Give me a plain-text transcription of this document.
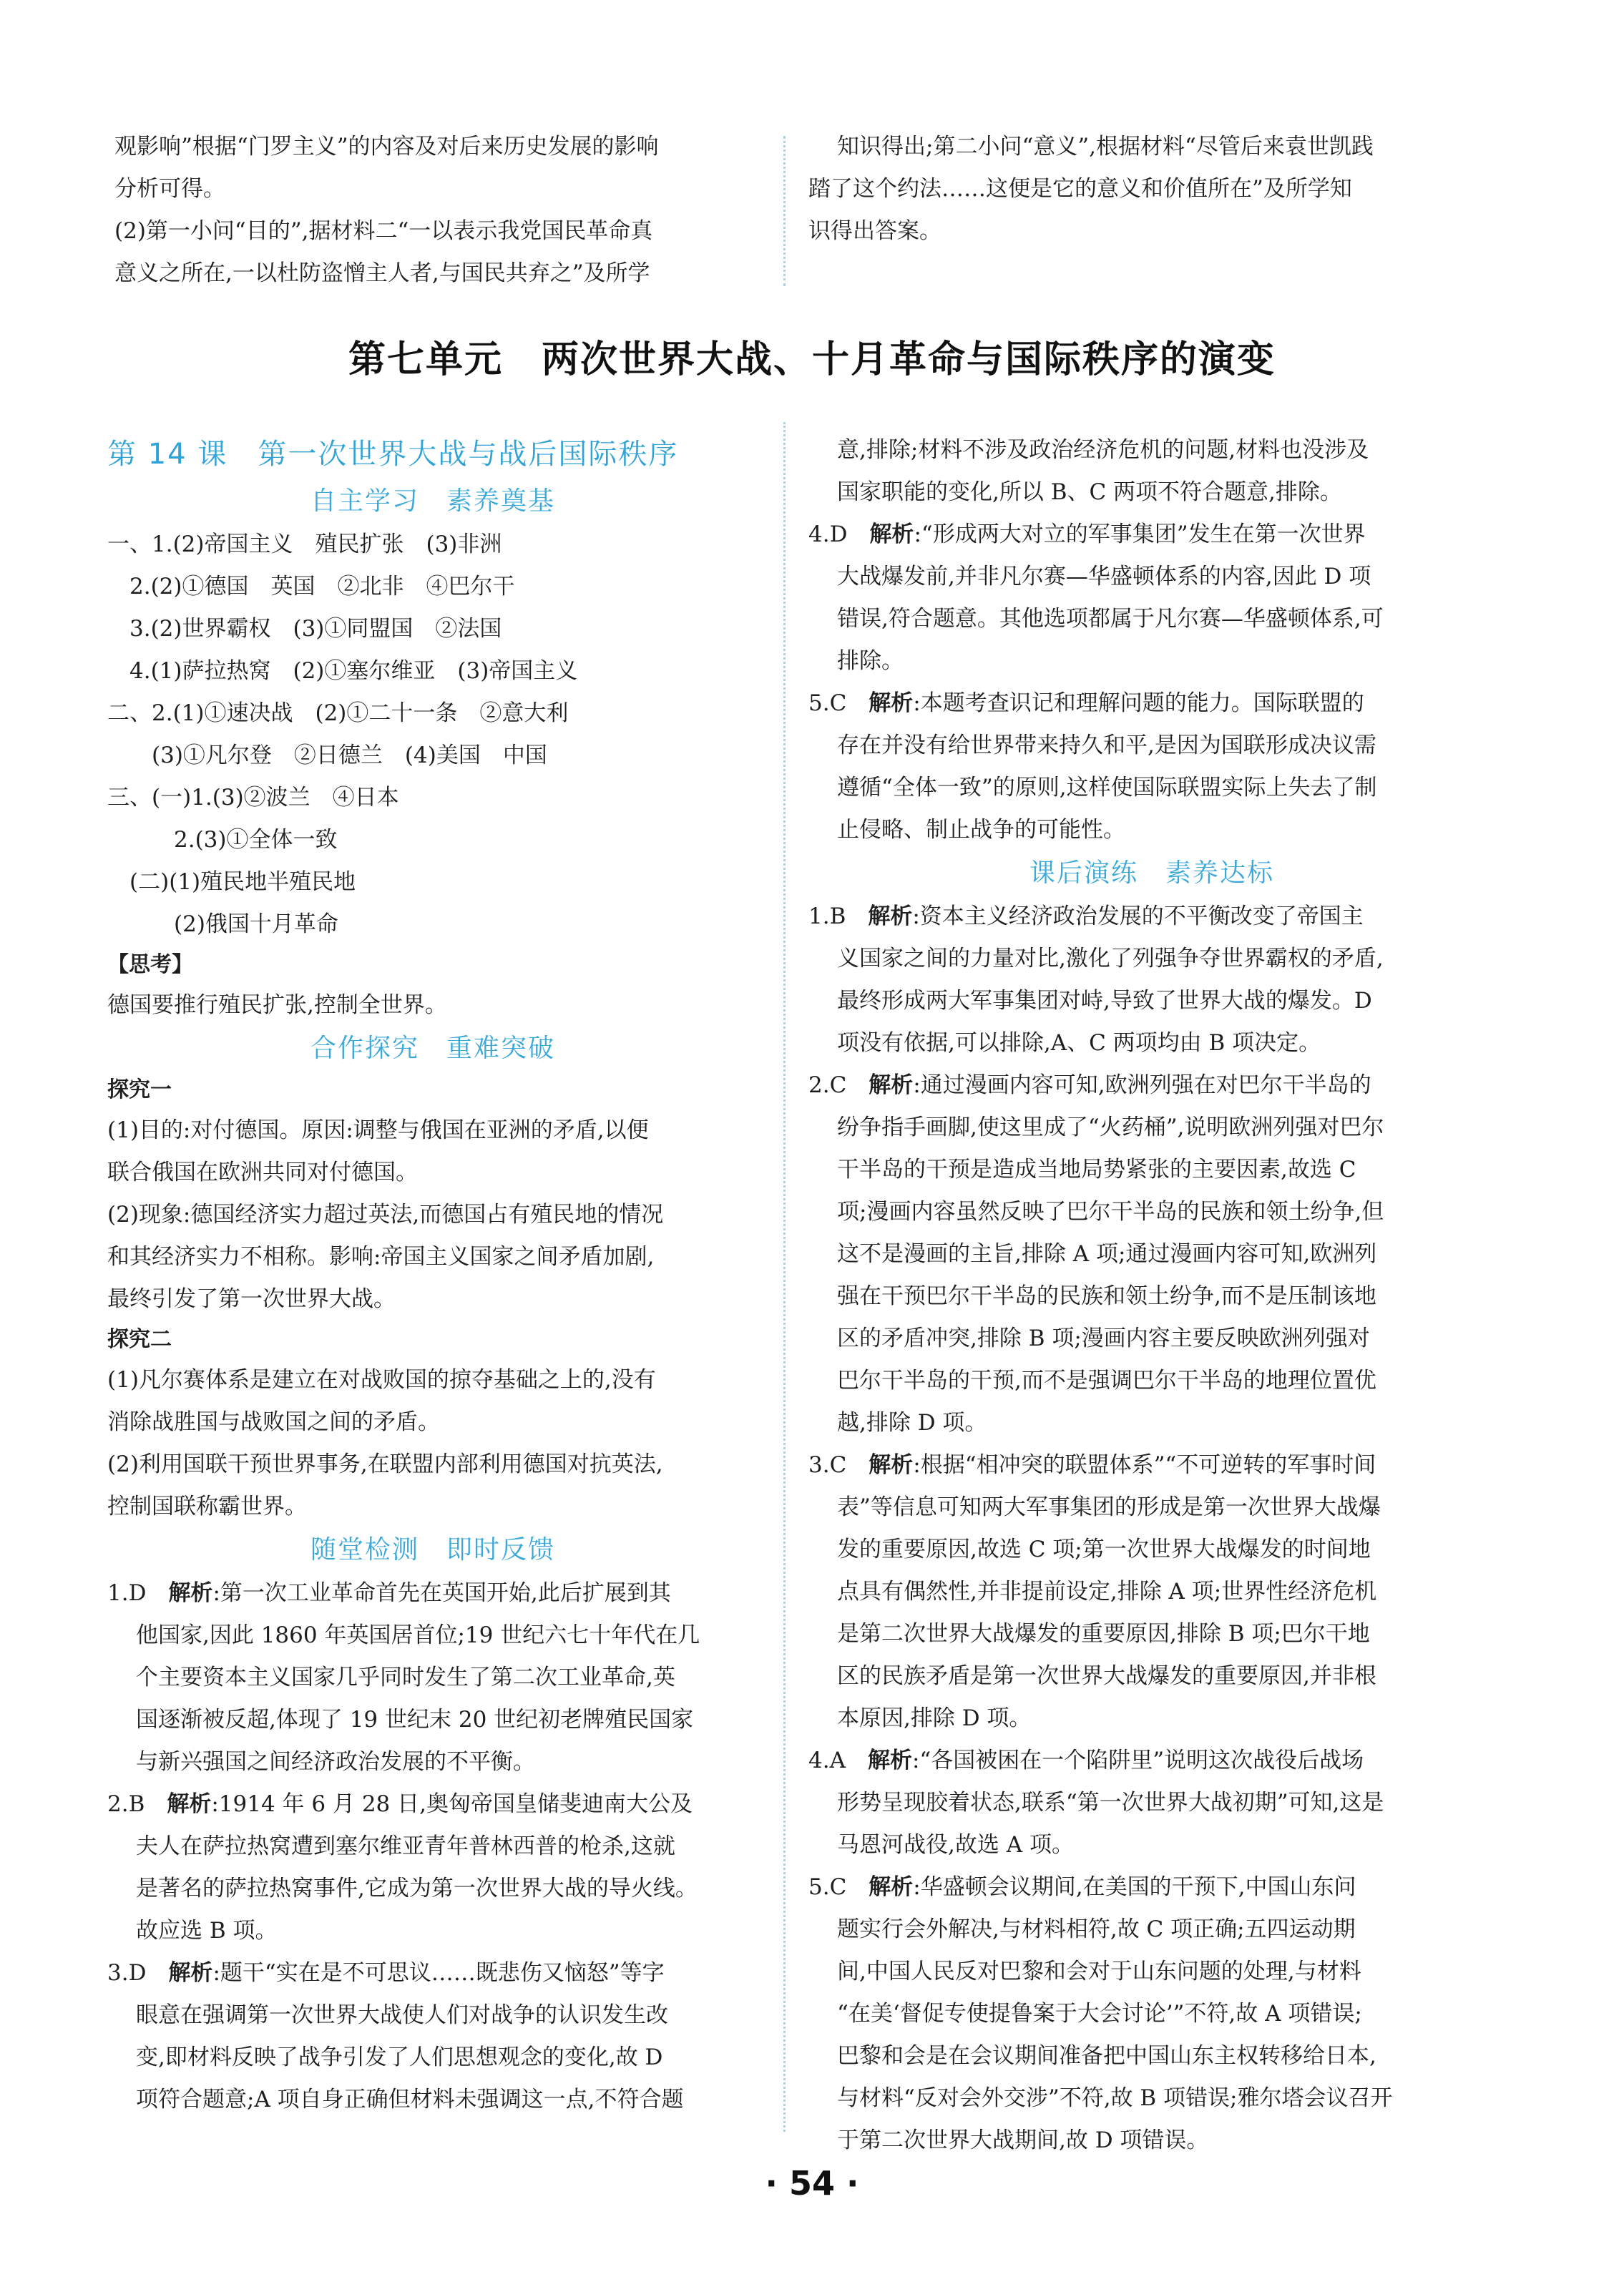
观影响”根据“门罗主义”的内容及对后来历史发展的影响
分析可得。
(2)第一小问“目的”,据材料二“一以表示我党国民革命真
意义之所在,一以杜防盗憎主人者,与国民共弃之”及所学
知识得出;第二小问“意义”,根据材料“尽管后来袁世凯践
踏了这个约法……这便是它的意义和价值所在”及所学知
识得出答案。
第七单元　两次世界大战、十月革命与国际秩序的演变
第 14 课　第一次世界大战与战后国际秩序
自主学习　素养奠基
一、1.(2)帝国主义　殖民扩张　(3)非洲
　2.(2)①德国　英国　②北非　④巴尔干
　3.(2)世界霸权　(3)①同盟国　②法国
　4.(1)萨拉热窝　(2)①塞尔维亚　(3)帝国主义
二、2.(1)①速决战　(2)①二十一条　②意大利
　　(3)①凡尔登　②日德兰　(4)美国　中国
三、(一)1.(3)②波兰　④日本
　　　2.(3)①全体一致
　(二)(1)殖民地半殖民地
　　　(2)俄国十月革命
【思考】
德国要推行殖民扩张,控制全世界。
合作探究　重难突破
探究一
(1)目的:对付德国。原因:调整与俄国在亚洲的矛盾,以便
联合俄国在欧洲共同对付德国。
(2)现象:德国经济实力超过英法,而德国占有殖民地的情况
和其经济实力不相称。影响:帝国主义国家之间矛盾加剧,
最终引发了第一次世界大战。
探究二
(1)凡尔赛体系是建立在对战败国的掠夺基础之上的,没有
消除战胜国与战败国之间的矛盾。
(2)利用国联干预世界事务,在联盟内部利用德国对抗英法,
控制国联称霸世界。
随堂检测　即时反馈
1.D　解析:第一次工业革命首先在英国开始,此后扩展到其
他国家,因此 1860 年英国居首位;19 世纪六七十年代在几
个主要资本主义国家几乎同时发生了第二次工业革命,英
国逐渐被反超,体现了 19 世纪末 20 世纪初老牌殖民国家
与新兴强国之间经济政治发展的不平衡。
2.B　解析:1914 年 6 月 28 日,奥匈帝国皇储斐迪南大公及
夫人在萨拉热窝遭到塞尔维亚青年普林西普的枪杀,这就
是著名的萨拉热窝事件,它成为第一次世界大战的导火线。
故应选 B 项。
3.D　解析:题干“实在是不可思议……既悲伤又恼怒”等字
眼意在强调第一次世界大战使人们对战争的认识发生改
变,即材料反映了战争引发了人们思想观念的变化,故 D
项符合题意;A 项自身正确但材料未强调这一点,不符合题
意,排除;材料不涉及政治经济危机的问题,材料也没涉及
国家职能的变化,所以 B、C 两项不符合题意,排除。
4.D　解析:“形成两大对立的军事集团”发生在第一次世界
大战爆发前,并非凡尔赛—华盛顿体系的内容,因此 D 项
错误,符合题意。其他选项都属于凡尔赛—华盛顿体系,可
排除。
5.C　解析:本题考查识记和理解问题的能力。国际联盟的
存在并没有给世界带来持久和平,是因为国联形成决议需
遵循“全体一致”的原则,这样使国际联盟实际上失去了制
止侵略、制止战争的可能性。
课后演练　素养达标
1.B　解析:资本主义经济政治发展的不平衡改变了帝国主
义国家之间的力量对比,激化了列强争夺世界霸权的矛盾,
最终形成两大军事集团对峙,导致了世界大战的爆发。D
项没有依据,可以排除,A、C 两项均由 B 项决定。
2.C　解析:通过漫画内容可知,欧洲列强在对巴尔干半岛的
纷争指手画脚,使这里成了“火药桶”,说明欧洲列强对巴尔
干半岛的干预是造成当地局势紧张的主要因素,故选 C
项;漫画内容虽然反映了巴尔干半岛的民族和领土纷争,但
这不是漫画的主旨,排除 A 项;通过漫画内容可知,欧洲列
强在干预巴尔干半岛的民族和领土纷争,而不是压制该地
区的矛盾冲突,排除 B 项;漫画内容主要反映欧洲列强对
巴尔干半岛的干预,而不是强调巴尔干半岛的地理位置优
越,排除 D 项。
3.C　解析:根据“相冲突的联盟体系”“不可逆转的军事时间
表”等信息可知两大军事集团的形成是第一次世界大战爆
发的重要原因,故选 C 项;第一次世界大战爆发的时间地
点具有偶然性,并非提前设定,排除 A 项;世界性经济危机
是第二次世界大战爆发的重要原因,排除 B 项;巴尔干地
区的民族矛盾是第一次世界大战爆发的重要原因,并非根
本原因,排除 D 项。
4.A　解析:“各国被困在一个陷阱里”说明这次战役后战场
形势呈现胶着状态,联系“第一次世界大战初期”可知,这是
马恩河战役,故选 A 项。
5.C　解析:华盛顿会议期间,在美国的干预下,中国山东问
题实行会外解决,与材料相符,故 C 项正确;五四运动期
间,中国人民反对巴黎和会对于山东问题的处理,与材料
“在美‘督促专使提鲁案于大会讨论’”不符,故 A 项错误;
巴黎和会是在会议期间准备把中国山东主权转移给日本,
与材料“反对会外交涉”不符,故 B 项错误;雅尔塔会议召开
于第二次世界大战期间,故 D 项错误。
· 54 ·
